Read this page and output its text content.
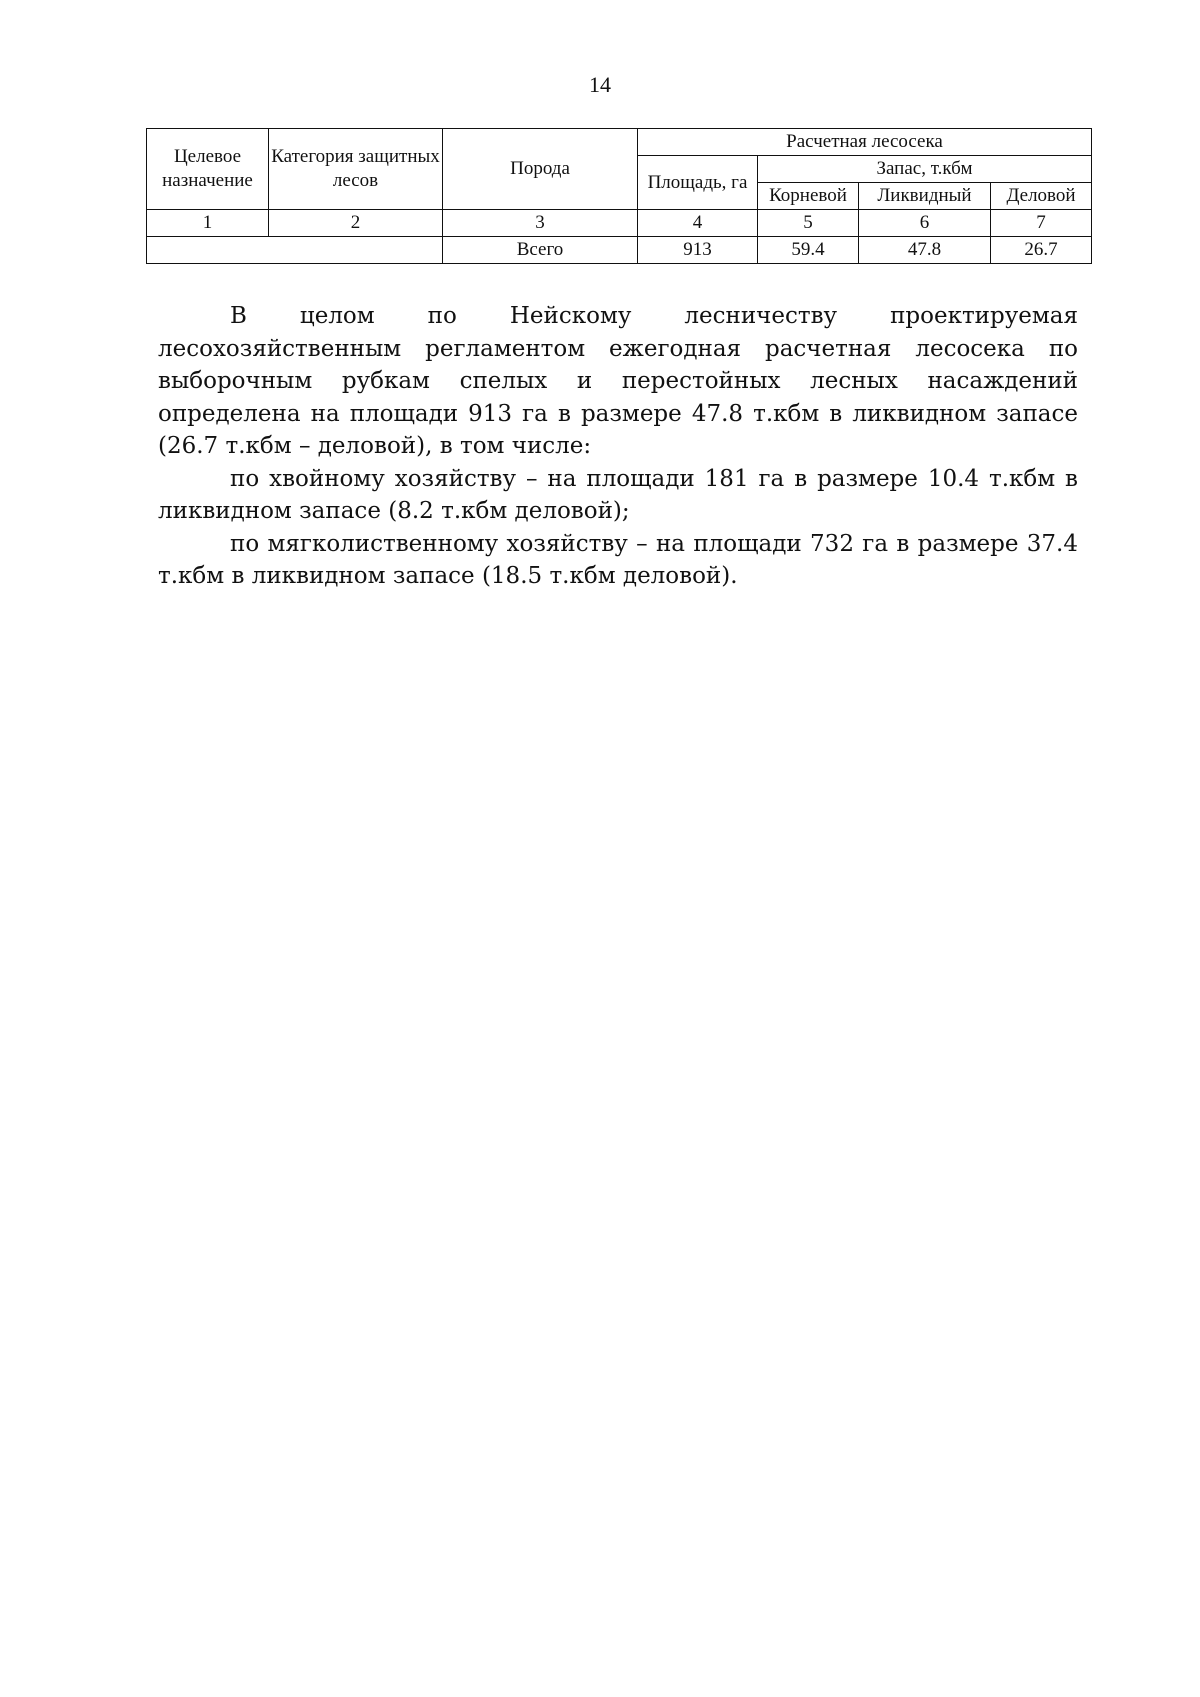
14
Целевое назначение	Категория защитных лесов	Порода	Расчетная лесосека			
			Площадь, га	Запас, т.кбм		
				Корневой	Ликвидный	Деловой
1	2	3	4	5	6	7
		Всего	913	59.4	47.8	26.7

В целом по Нейскому лесничеству проектируемая лесохозяйственным регламентом ежегодная расчетная лесосека по выборочным рубкам спелых и перестойных лесных насаждений определена на площади 913 га в размере 47.8 т.кбм в ликвидном запасе (26.7 т.кбм – деловой), в том числе:

по хвойному хозяйству – на площади 181 га в размере 10.4 т.кбм в ликвидном запасе (8.2 т.кбм деловой);

по мягколиственному хозяйству – на площади 732 га в размере 37.4 т.кбм в ликвидном запасе (18.5 т.кбм деловой).
